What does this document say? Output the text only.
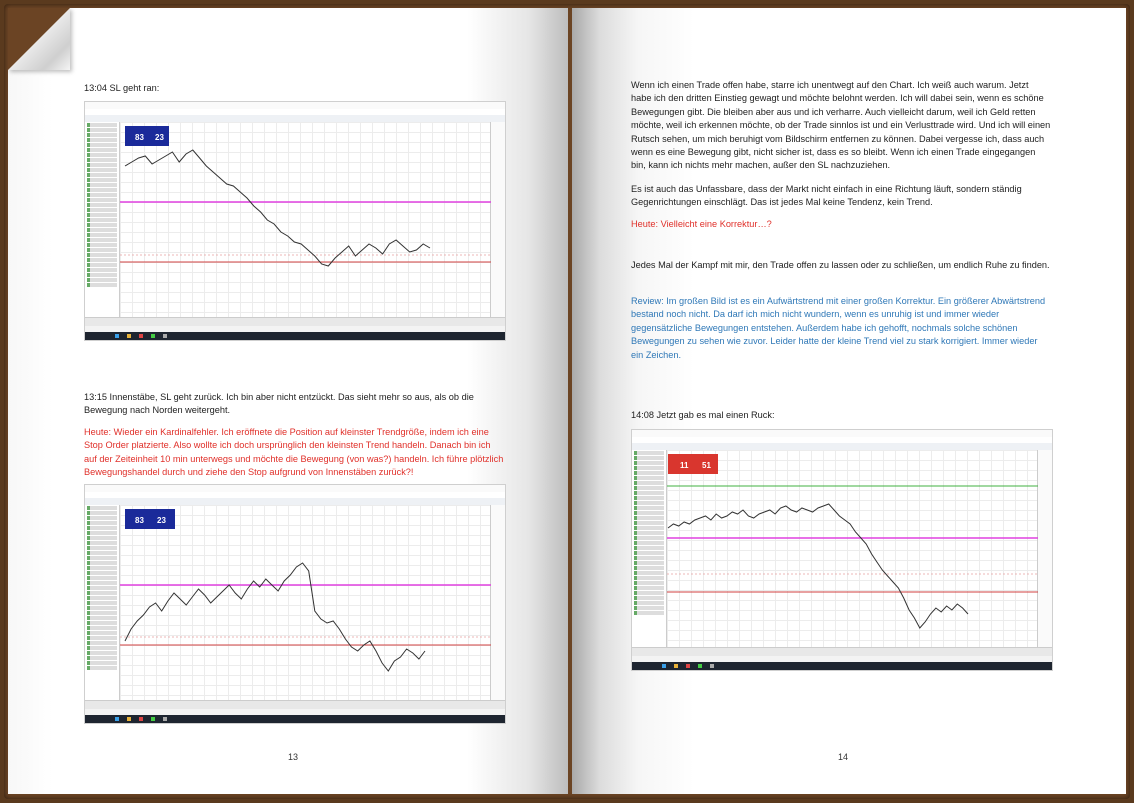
13:04 SL geht ran:
83 23
13:15 Innenstäbe, SL geht zurück. Ich bin aber nicht entzückt. Das sieht mehr so aus, als ob die Bewegung nach Norden weitergeht.
Heute: Wieder ein Kardinalfehler. Ich eröffnete die Position auf kleinster Trendgröße, indem ich eine Stop Order platzierte. Also wollte ich doch ursprünglich den kleinsten Trend handeln. Danach bin ich auf der Zeiteinheit 10 min unterwegs und möchte die Bewegung (von was?) handeln. Ich führe plötzlich Bewegungshandel durch und ziehe den Stop aufgrund von Innenstäben zurück?!
83 23
13
Wenn ich einen Trade offen habe, starre ich unentwegt auf den Chart. Ich weiß auch warum. Jetzt habe ich den dritten Einstieg gewagt und möchte belohnt werden. Ich will dabei sein, wenn es schöne Bewegungen gibt. Die bleiben aber aus und ich verharre. Auch vielleicht darum, weil ich Geld retten möchte, weil ich erkennen möchte, ob der Trade sinnlos ist und ein Verlusttrade wird. Und ich will einen Rutsch sehen, um mich beruhigt vom Bildschirm entfernen zu können. Dabei vergesse ich, dass auch wenn es eine Bewegung gibt, nicht sicher ist, dass es so bleibt. Wenn ich einen Trade eingegangen bin, kann ich nichts mehr machen, außer den SL nachzuziehen.
Es ist auch das Unfassbare, dass der Markt nicht einfach in eine Richtung läuft, sondern ständig Gegenrichtungen einschlägt. Das ist jedes Mal keine Tendenz, kein Trend.
Heute: Vielleicht eine Korrektur…?
Jedes Mal der Kampf mit mir, den Trade offen zu lassen oder zu schließen, um endlich Ruhe zu finden.
Review: Im großen Bild ist es ein Aufwärtstrend mit einer großen Korrektur. Ein größerer Abwärtstrend bestand noch nicht. Da darf ich mich nicht wundern, wenn es unruhig ist und immer wieder gegensätzliche Bewegungen entstehen. Außerdem habe ich gehofft, nochmals solche schönen Bewegungen zu sehen wie zuvor. Leider hatte der kleine Trend viel zu stark korrigiert. Immer wieder ein Zeichen.
14:08 Jetzt gab es mal einen Ruck:
11 51
14
